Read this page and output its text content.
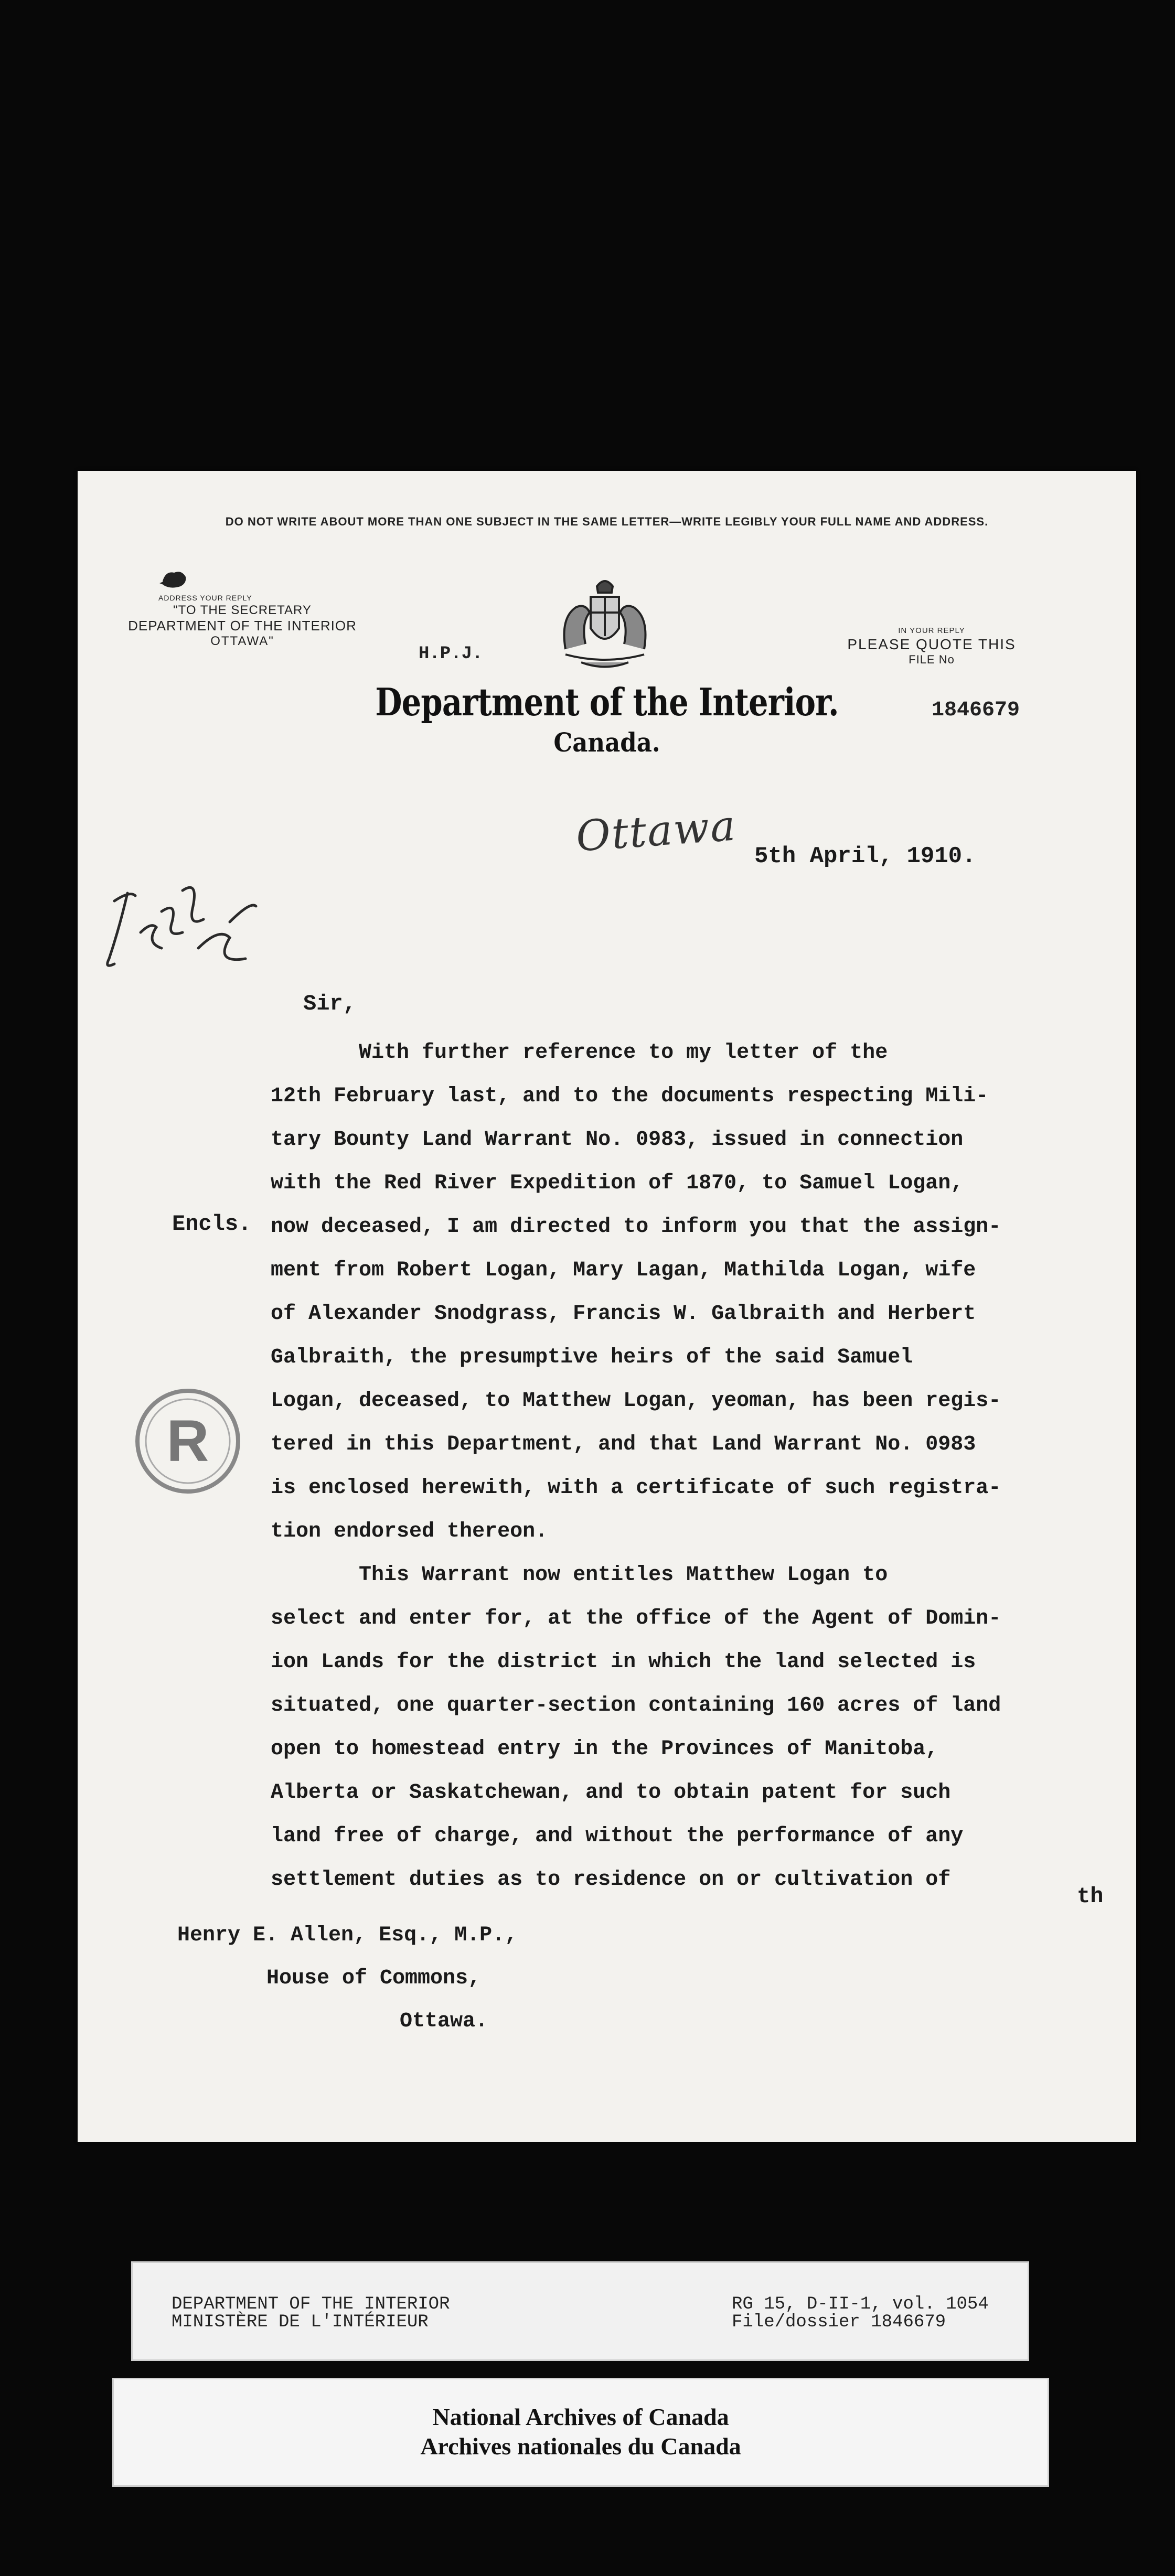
DO NOT WRITE ABOUT MORE THAN ONE SUBJECT IN THE SAME LETTER—WRITE LEGIBLY YOUR FULL NAME AND ADDRESS.
ADDRESS YOUR REPLY
"TO THE SECRETARY
DEPARTMENT OF THE INTERIOR
OTTAWA"
H.P.J.
Department of the Interior.
Canada.
IN YOUR REPLY
PLEASE QUOTE THIS
FILE No
1846679
Ottawa 5th April, 1910.
Sir,
Encls.
R
With further reference to my letter of the
12th February last, and to the documents respecting Mili-
tary Bounty Land Warrant No. 0983, issued in connection
with the Red River Expedition of 1870, to Samuel Logan,
now deceased, I am directed to inform you that the assign-
ment from Robert Logan, Mary Lagan, Mathilda Logan, wife
of Alexander Snodgrass, Francis W. Galbraith and Herbert
Galbraith, the presumptive heirs of the said Samuel
Logan, deceased, to Matthew Logan, yeoman, has been regis-
tered in this Department, and that Land Warrant No. 0983
is enclosed herewith, with a certificate of such registra-
tion endorsed thereon.
This Warrant now entitles Matthew Logan to
select and enter for, at the office of the Agent of Domin-
ion Lands for the district in which the land selected is
situated, one quarter-section containing 160 acres of land
open to homestead entry in the Provinces of Manitoba,
Alberta or Saskatchewan, and to obtain patent for such
land free of charge, and without the performance of any
settlement duties as to residence on or cultivation of
th
Henry E. Allen, Esq., M.P.,
House of Commons,
Ottawa.
DEPARTMENT OF THE INTERIOR
MINISTÈRE DE L'INTÉRIEUR
RG 15, D-II-1, vol. 1054
File/dossier 1846679
National Archives of Canada
Archives nationales du Canada
